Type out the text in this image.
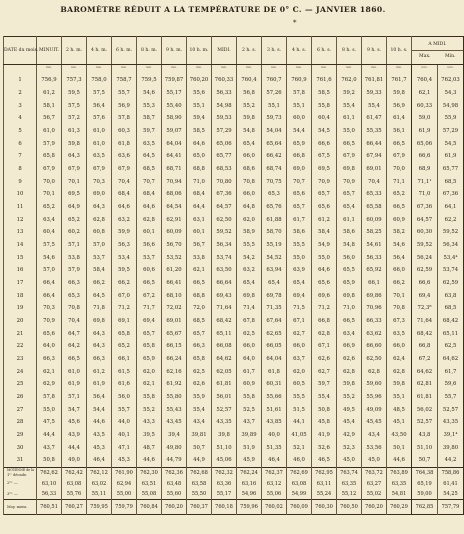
BAROMÈTRE RÉDUIT A LA TEMPÉRATURE DE 0° C. — JANVIER 1860.
*
DATE du mois.	MINUIT.	2 h. m.	4 h. m.	6 h. m.	8 h. m.	9 h. m.	10 h. m.	MIDI.	2 h. s.	3 h. s.	4 h. s.	6 h. s.	8 h. s.	9 h. s.	10 h. s.	A MIDI.
Max. Min.	

	mm.	mm.	mm.	mm.	mm.	mm.	mm.	mm.	mm.	mm.	mm.	mm.	mm.	mm.	mm.	mm.	mm.
1	756,9	757,3	758,0	758,7	759,5	759,87	760,20	760,33	760,4	760,7	760,9	761,6	762,0	761,81	761,7	760,4	762,03
2	61,2	59,5	57,5	55,7	54,6	55,17	55,6	56,33	56,8	57,26	57,8	58,5	59,2	59,33	59,8	62,1	54,3
3	58,1	57,5	56,4	56,9	55,3	55,40	55,1	54,98	55,2	55,1	55,1	55,8	55,4	55,4	56,9	60,33	54,98
4	56,7	57,2	57,6	57,8	58,7	58,90	59,4	59,53	59,8	59,73	60,0	60,4	61,1	61,47	61,4	59,0	55,9
5	61,0	61,3	61,0	60,3	59,7	59,07	58,5	57,29	54,8	54,04	54,4	54,5	55,0	55,35	56,1	61,9	57,29
6	57,9	59,8	61,0	61,8	63,5	64,04	64,6	65,06	65,4	65,64	65,9	66,6	66,5	66,44	66,5	65,06	54,5
7	65,8	64,3	63,5	63,6	64,5	64,41	65,0	65,77	66,0	66,42	66,8	67,5	67,9	67,94	67,9	66,6	61,9
8	67,9	67,9	67,9	67,9	68,5	68,71	68,8	68,53	68,6	68,74	69,0	69,5	69,8	69,01	70,0	68,9	65,77
9	70,0	70,1	70,3	70,4	70,7	70,94	71,0	70,80	70,8	70,75	70,7	70,9	70,9	70,4	71,1	71,1¹	68,5
10	70,1	69,5	69,0	68,4	68,4	68,06	68,4	67,36	66,0	65,3	65,6	65,7	65,7	65,33	65,2	71,0	67,36
11	65,2	64,9	64,3	64,6	64,6	64,54	64,4	64,57	64,8	65,76	65,7	65,6	65,4	65,58	66,5	67,36	64,1
12	63,4	65,2	62,8	63,2	62,8	62,91	63,1	62,50	62,0	61,88	61,7	61,2	61,1	60,09	60,9	64,57	62,2
13	60,4	60,2	60,8	59,9	60,1	60,09	60,1	59,52	58,9	58,70	58,6	58,4	58,6	58,25	58,2	60,30	59,52
14	57,5	57,1	57,0	56,3	56,6	56,70	56,7	56,34	55,5	55,19	55,5	54,9	54,8	54,61	54,6	59,52	56,34
15	54,6	53,8	53,7	53,4	53,7	53,52	53,8	53,74	54,2	54,52	55,0	55,0	56,0	56,33	56,4	56,24	53,4⁴
16	57,0	57,9	58,4	59,5	60,6	61,20	62,1	63,50	63,2	63,94	63,9	64,6	65,5	65,92	66,0	62,59	53,74
17	66,4	66,3	66,2	66,2	66,5	66,41	66,5	66,64	65,4	65,4	65,4	65,6	65,9	66,1	66,2	66,6	62,59
18	66,4	65,3	64,5	67,0	67,2	68,10	68,8	69,43	69,8	69,78	69,4	69,6	69,8	69,86	70,1	69,4	63,8
19	70,3	70,8	71,8	71,2	71,7	72,02	72,0	71,64	71,4	71,35	71,5	71,2	71,0	70,96	70,8	72,3⁸	68,5
20	70,9	70,4	69,8	69,1	69,4	69,01	68,5	68,42	67,8	67,64	67,1	66,8	66,5	66,33	67,3	71,64	68,42
21	65,6	64,7	64,3	65,8	65,7	65,67	65,7	65,11	62,5	62,65	62,7	62,8	63,4	63,62	63,5	68,42	65,11
22	64,0	64,2	64,3	65,2	65,8	66,15	66,3	66,08	66,0	66,05	66,0	67,1	66,9	66,60	66,0	66,8	62,5
23	66,3	66,5	66,3	66,1	65,9	66,24	65,8	64,62	64,0	64,04	63,7	62,6	62,6	62,50	62,4	67,2	64,62
24	62,1	61,0	61,2	61,5	62,0	62,16	62,5	62,05	61,7	61,8	62,0	62,7	62,8	62,8	62,8	64,62	61,7
25	62,9	61,9	61,9	61,6	62,1	61,92	62,6	61,81	60,9	60,31	60,5	59,7	59,8	59,60	59,8	62,81	59,6
26	57,8	57,1	56,4	56,0	55,8	55,80	55,9	56,01	55,8	55,66	55,5	55,4	55,2	55,96	55,1	61,81	55,7
27	55,0	54,7	54,4	55,7	55,2	55,43	55,4	52,57	52,5	51,61	51,5	50,8	49,5	49,09	48,5	56,02	52,57
28	47,5	45,6	44,6	44,0	43,3	43,45	43,4	43,35	43,7	43,85	44,1	45,8	45,4	45,45	45,1	52,57	43,35
29	44,4	43,9	43,5	40,1	39,5	39,4	39,81	39,8	39,89	40,0	41,05	41,9	42,9	43,4	43,50	43,8	39,1⁴
30	43,7	44,4	45,3	47,1	48,7	49,80	50,7	51,10	51,9	51,35	52,1	52,6	52,3	53,56	50,1	51,10	39,80
31	50,8	49,0	46,4	45,3	44,6	44,79	44,9	45,06	45,9	46,4	46,0	46,5	45,0	45,0	44,6	50,7	44,2

MOYENNE de la
1ʳᵉ décade.	762,62	762,42	762,12	761,90	762,30	762,36	762,68	762,32	762,24	762,37	762,69	762,95	763,74	763,72	763,89	764,38	758,86

2ᵐᵉ —	63,10	63,08	63,02	62,94	63,51	63,48	63,58	63,36	63,16	63,12	63,08	63,11	63,35	63,27	63,35	65,19	61,41

3ᵐᵉ —	56,33	55,76	55,11	55,00	55,08	55,60	55,50	55,17	54,96	55,06	54,99	55,24	55,12	55,02	54,81	59,00	54,25
Moy. mens.	760,51	760,27	759,95	759,79	760,84	760,20	760,37	760,18	759,96	760,02	760,09	760,30	760,50	760,20	760,29	762,85	757,79
